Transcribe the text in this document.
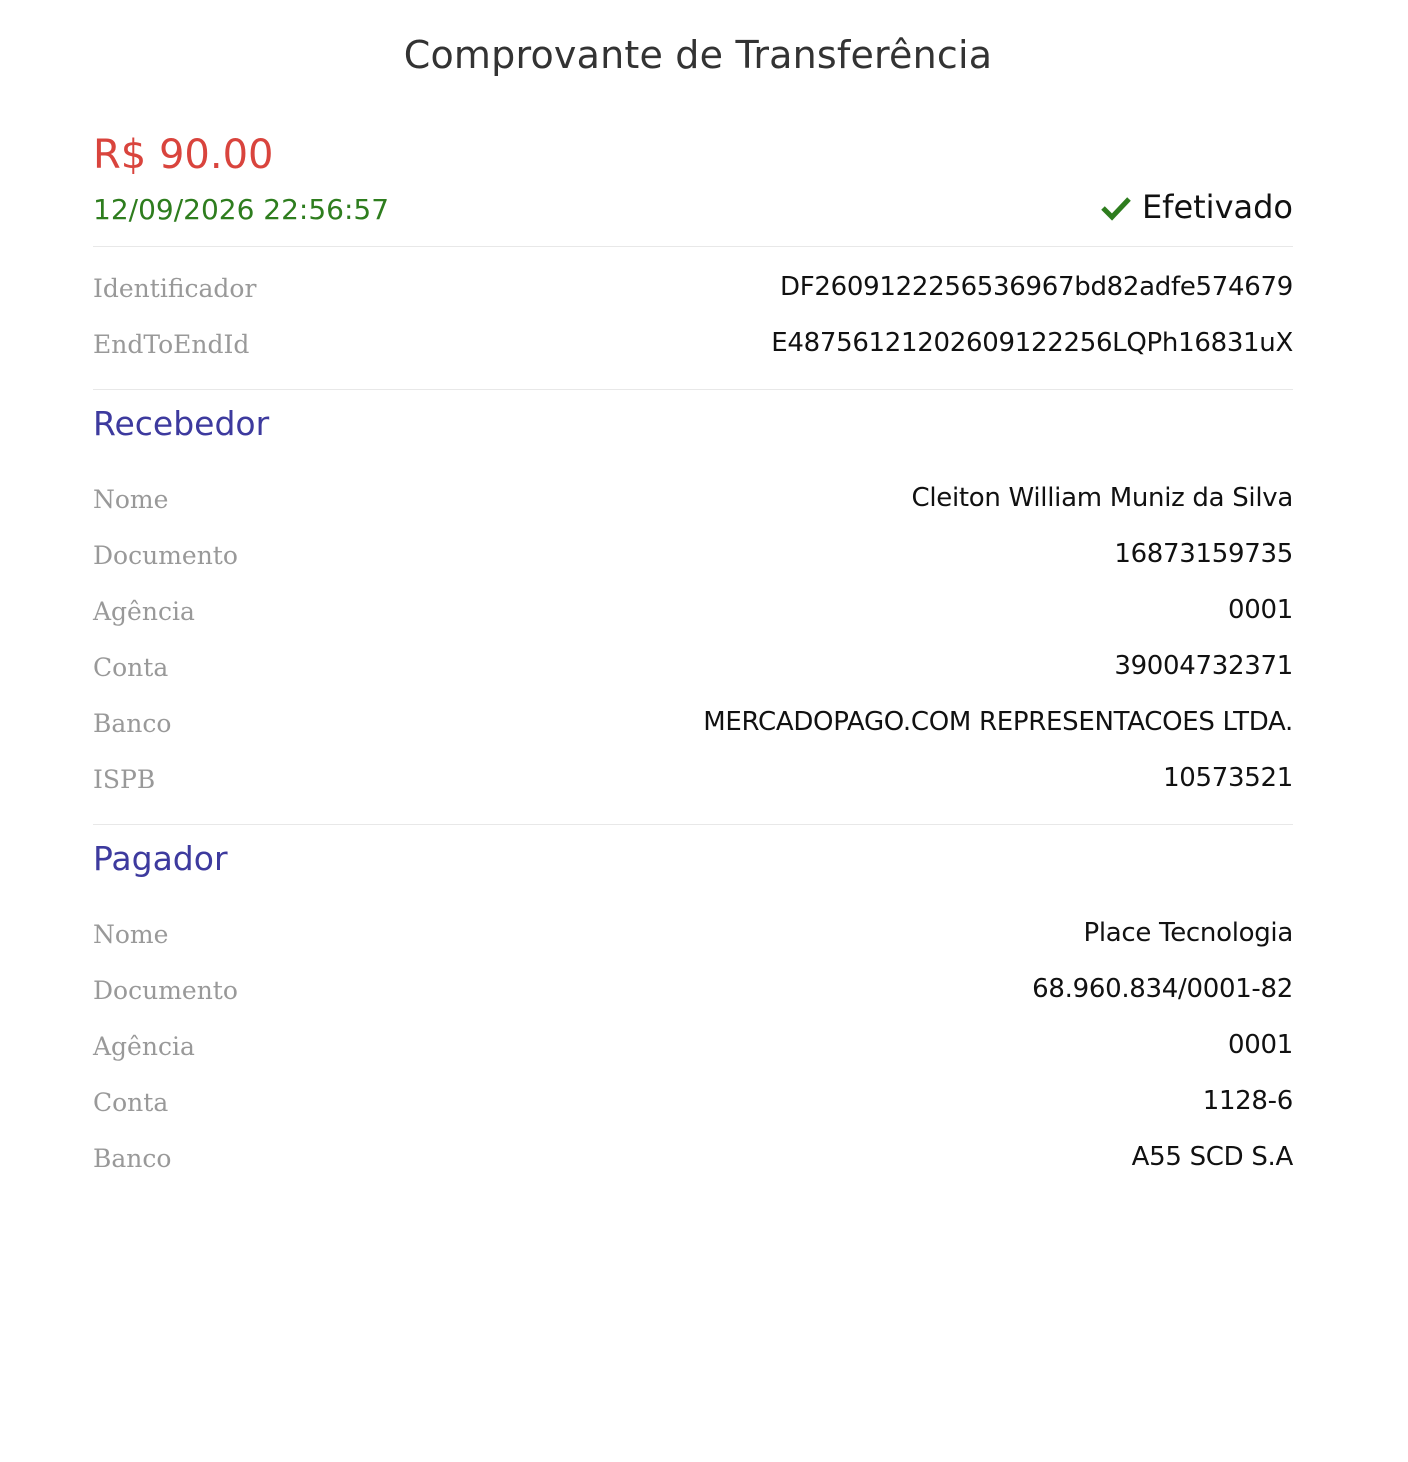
Comprovante de Transferência
R$ 90.00
12/09/2026 22:56:57	Efetivado
Identificador	DF2609122256536967bd82adfe574679
EndToEndId	E48756121202609122256LQPh16831uX
Recebedor
Nome	Cleiton William Muniz da Silva
Documento	16873159735
Agência	0001
Conta	39004732371
Banco	MERCADOPAGO.COM REPRESENTACOES LTDA.
ISPB	10573521
Pagador
Nome	Place Tecnologia
Documento	68.960.834/0001-82
Agência	0001
Conta	1128-6
Banco	A55 SCD S.A
